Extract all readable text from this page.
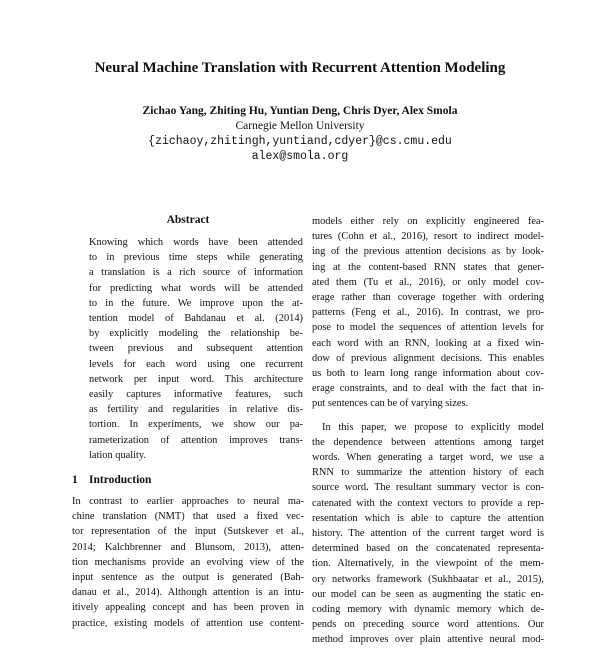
Neural Machine Translation with Recurrent Attention Modeling
Zichao Yang, Zhiting Hu, Yuntian Deng, Chris Dyer, Alex Smola
Carnegie Mellon University
{zichaoy,zhitingh,yuntiand,cdyer}@cs.cmu.edu
alex@smola.org
Abstract
Knowing which words have been attended
to in previous time steps while generating
a translation is a rich source of information
for predicting what words will be attended
to in the future. We improve upon the at-
tention model of Bahdanau et al. (2014)
by explicitly modeling the relationship be-
tween previous and subsequent attention
levels for each word using one recurrent
network per input word. This architecture
easily captures informative features, such
as fertility and regularities in relative dis-
tortion. In experiments, we show our pa-
rameterization of attention improves trans-
lation quality.
1 Introduction
In contrast to earlier approaches to neural ma-
chine translation (NMT) that used a fixed vec-
tor representation of the input (Sutskever et al.,
2014; Kalchbrenner and Blunsom, 2013), atten-
tion mechanisms provide an evolving view of the
input sentence as the output is generated (Bah-
danau et al., 2014). Although attention is an intu-
itively appealing concept and has been proven in
practice, existing models of attention use content-
models either rely on explicitly engineered fea-
tures (Cohn et al., 2016), resort to indirect model-
ing of the previous attention decisions as by look-
ing at the content-based RNN states that gener-
ated them (Tu et al., 2016), or only model cov-
erage rather than coverage together with ordering
patterns (Feng et al., 2016). In contrast, we pro-
pose to model the sequences of attention levels for
each word with an RNN, looking at a fixed win-
dow of previous alignment decisions. This enables
us both to learn long range information about cov-
erage constraints, and to deal with the fact that in-
put sentences can be of varying sizes.
In this paper, we propose to explicitly model
the dependence between attentions among target
words. When generating a target word, we use a
RNN to summarize the attention history of each
source word. The resultant summary vector is con-
catenated with the context vectors to provide a rep-
resentation which is able to capture the attention
history. The attention of the current target word is
determined based on the concatenated representa-
tion. Alternatively, in the viewpoint of the mem-
ory networks framework (Sukhbaatar et al., 2015),
our model can be seen as augmenting the static en-
coding memory with dynamic memory which de-
pends on preceding source word attentions. Our
method improves over plain attentive neural mod-
